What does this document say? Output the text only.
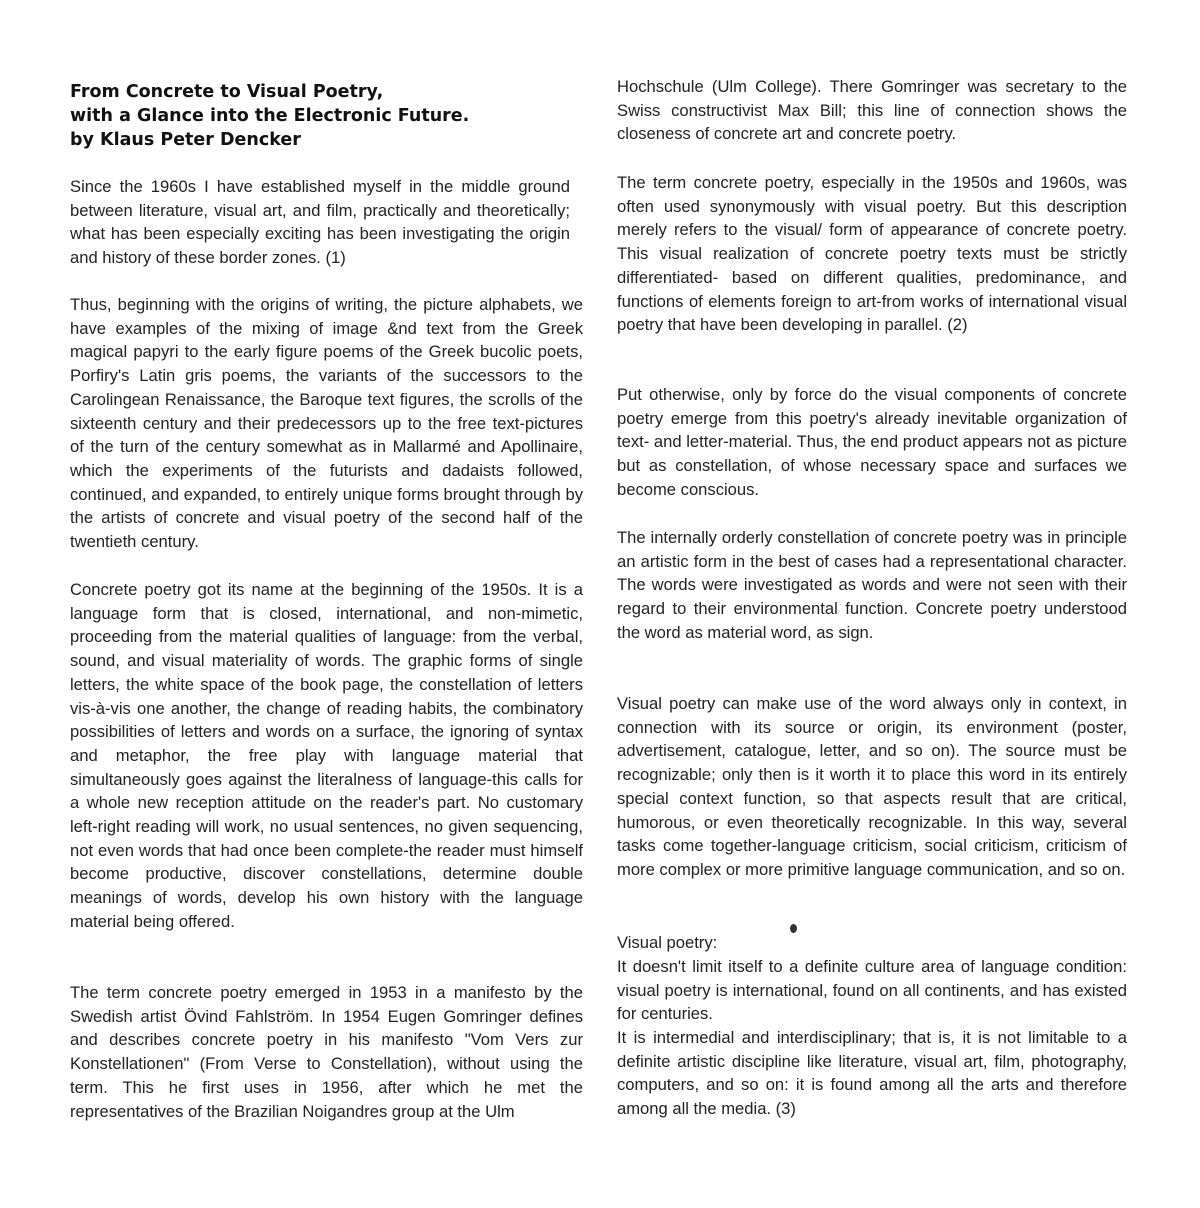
From Concrete to Visual Poetry,
with a Glance into the Electronic Future.
by Klaus Peter Dencker

Since the 1960s I have established myself in the middle ground between literature, visual art, and film, practically and theoretically; what has been especially exciting has been investigating the origin and history of these border zones. (1)

Thus, beginning with the origins of writing, the picture alphabets, we have examples of the mixing of image &nd text from the Greek magical papyri to the early figure poems of the Greek bucolic poets, Porfiry's Latin gris poems, the variants of the successors to the Carolingean Renaissance, the Baroque text figures, the scrolls of the sixteenth century and their predecessors up to the free text-pictures of the turn of the century somewhat as in Mallarmé and Apollinaire, which the experiments of the futurists and dadaists followed, continued, and expanded, to entirely unique forms brought through by the artists of concrete and visual poetry of the second half of the twentieth century.

Concrete poetry got its name at the beginning of the 1950s. It is a language form that is closed, international, and non-mimetic, proceeding from the material qualities of language: from the verbal, sound, and visual materiality of words. The graphic forms of single letters, the white space of the book page, the constellation of letters vis-à-vis one another, the change of reading habits, the combinatory possibilities of letters and words on a surface, the ignoring of syntax and metaphor, the free play with language material that simultaneously goes against the literalness of language-this calls for a whole new reception attitude on the reader's part. No customary left-right reading will work, no usual sentences, no given sequencing, not even words that had once been complete-the reader must himself become productive, discover constellations, determine double meanings of words, develop his own history with the language material being offered.

The term concrete poetry emerged in 1953 in a manifesto by the Swedish artist Övind Fahlström. In 1954 Eugen Gomringer defines and describes concrete poetry in his manifesto "Vom Vers zur Konstellationen" (From Verse to Constellation), without using the term. This he first uses in 1956, after which he met the representatives of the Brazilian Noigandres group at the Ulm

Hochschule (Ulm College). There Gomringer was secretary to the Swiss constructivist Max Bill; this line of connection shows the closeness of concrete art and concrete poetry.

The term concrete poetry, especially in the 1950s and 1960s, was often used synonymously with visual poetry. But this description merely refers to the visual/ form of appearance of concrete poetry. This visual realization of concrete poetry texts must be strictly differentiated- based on different qualities, predominance, and functions of elements foreign to art-from works of international visual poetry that have been developing in parallel. (2)

Put otherwise, only by force do the visual components of concrete poetry emerge from this poetry's already inevitable organization of text- and letter-material. Thus, the end product appears not as picture but as constellation, of whose necessary space and surfaces we become conscious.

The internally orderly constellation of concrete poetry was in principle an artistic form in the best of cases had a representational character. The words were investigated as words and were not seen with their regard to their environmental function. Concrete poetry understood the word as material word, as sign.

Visual poetry can make use of the word always only in context, in connection with its source or origin, its environment (poster, advertisement, catalogue, letter, and so on). The source must be recognizable; only then is it worth it to place this word in its entirely special context function, so that aspects result that are critical, humorous, or even theoretically recognizable. In this way, several tasks come together-language criticism, social criticism, criticism of more complex or more primitive language communication, and so on.

Visual poetry:

It doesn't limit itself to a definite culture area of language condition: visual poetry is international, found on all continents, and has existed for centuries.

It is intermedial and interdisciplinary; that is, it is not limitable to a definite artistic discipline like literature, visual art, film, photography, computers, and so on: it is found among all the arts and therefore among all the media. (3)
